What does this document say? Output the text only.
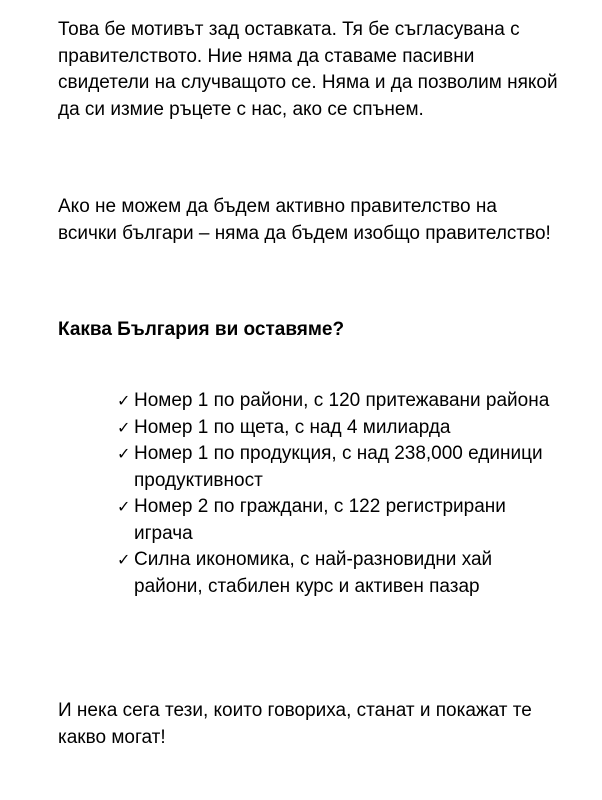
Това бе мотивът зад оставката. Тя бе съгласувана с правителството. Ние няма да ставаме пасивни свидетели на случващото се. Няма и да позволим някой да си измие ръцете с нас, ако се спънем.

Ако не можем да бъдем активно правителство на всички българи – няма да бъдем изобщо правителство!

Каква България ви оставяме?

✓ Номер 1 по райони, с 120 притежавани района
✓ Номер 1 по щета, с над 4 милиарда
✓ Номер 1 по продукция, с над 238,000 единици продуктивност
✓ Номер 2 по граждани, с 122 регистрирани играча
✓ Силна икономика, с най-разновидни хай райони, стабилен курс и активен пазар

И нека сега тези, които говориха, станат и покажат те какво могат!
